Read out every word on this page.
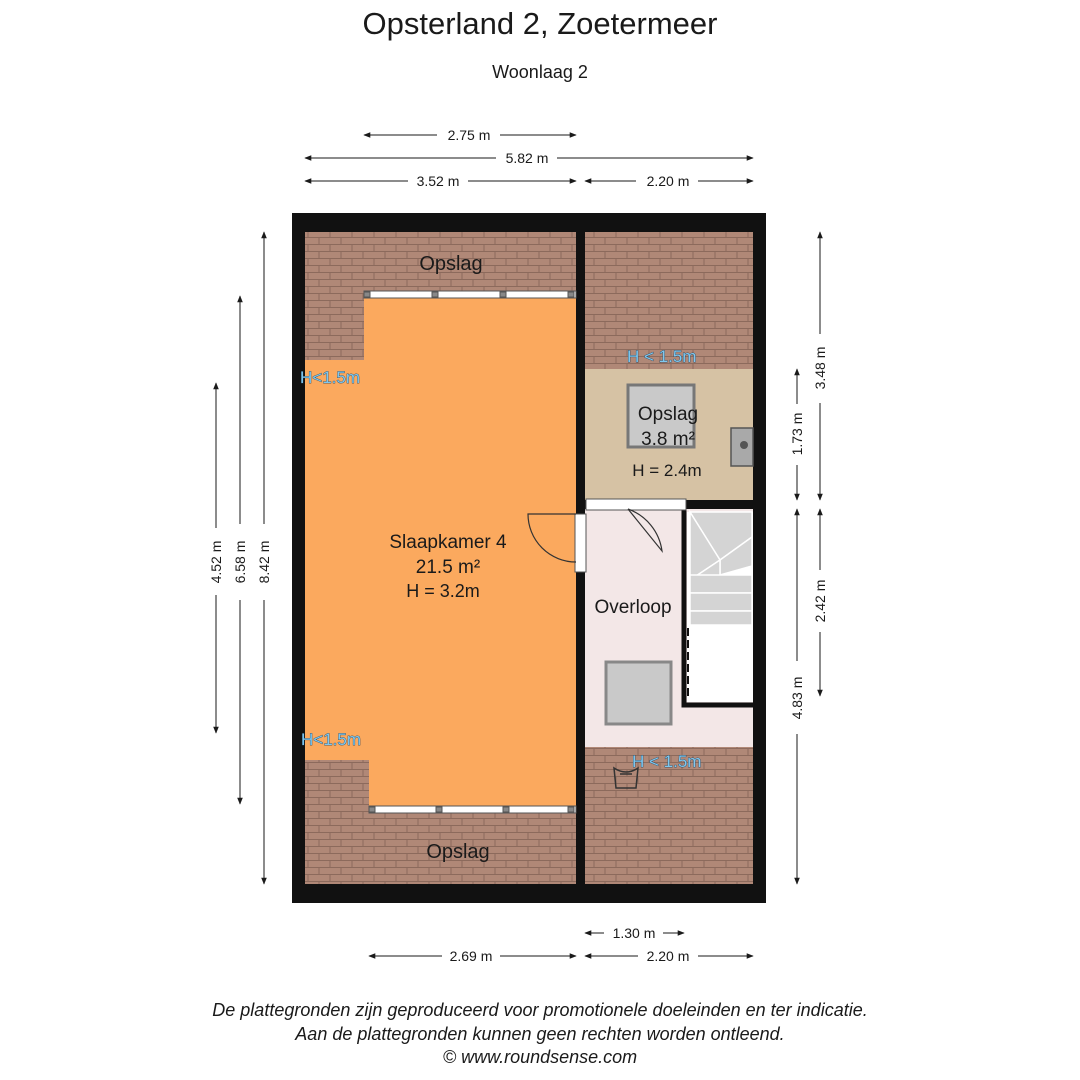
Opsterland 2, Zoetermeer
Woonlaag 2
Opslag
Opslag
Slaapkamer 4
21.5 m²
H = 3.2m
Opslag
3.8 m²
H = 2.4m
Overloop
H<1.5m
H<1.5m
H < 1.5m
H < 1.5m
2.75 m
5.82 m
3.52 m	2.20 m
1.30 m
2.69 m	2.20 m
4.52 m 6.58 m 8.42 m
1.73 m
3.48 m
4.83 m
2.42 m
De plattegronden zijn geproduceerd voor promotionele doeleinden en ter indicatie.
Aan de plattegronden kunnen geen rechten worden ontleend.
© www.roundsense.com
